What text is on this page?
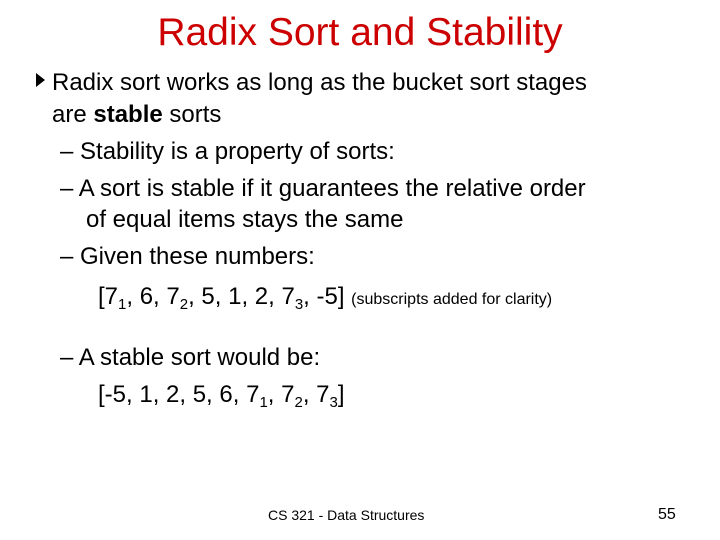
Radix Sort and Stability
Radix sort works as long as the bucket sort stages
are stable sorts
– Stability is a property of sorts:
– A sort is stable if it guarantees the relative order
of equal items stays the same
– Given these numbers:
[$7_1$, 6, $7_2$, 5, 1, 2, $7_3$, -5] (subscripts added for clarity)
– A stable sort would be:
[-5, 1, 2, 5, 6, $7_1$, $7_2$, $7_3$]
CS 321 - Data Structures	55
